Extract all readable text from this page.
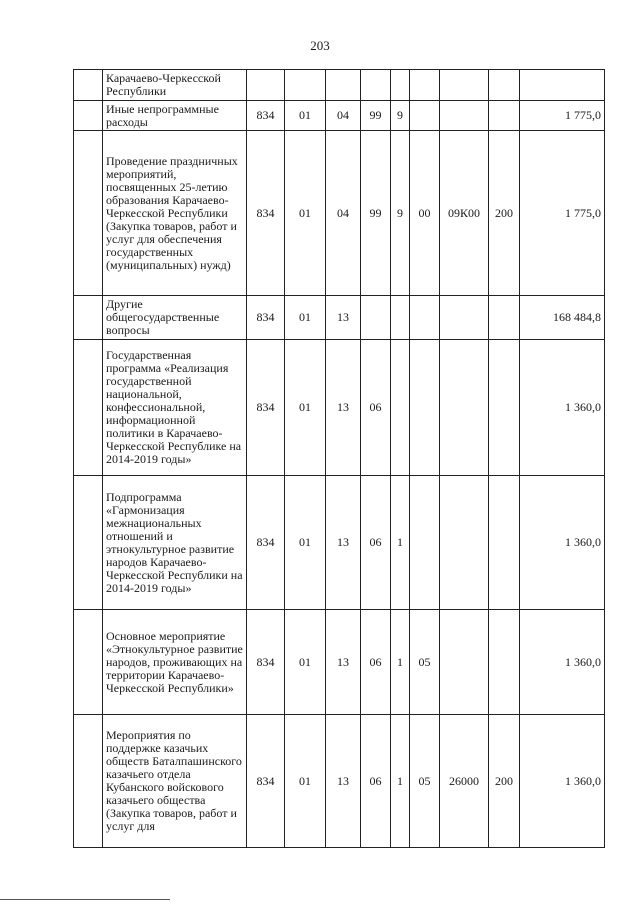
203
	Карачаево-Черкесской Республики									
	Иные непрограммные расходы	834	01	04	99	9				1 775,0
	Проведение праздничных мероприятий, посвященных 25-летию образования Карачаево-Черкесской Республики (Закупка товаров, работ и услуг для обеспечения государственных (муниципальных) нужд)	834	01	04	99	9	00	09К00	200	1 775,0
	Другие общегосударственные вопросы	834	01	13						168 484,8
	Государственная программа «Реализация государственной национальной, конфессиональной, информационной политики в Карачаево-Черкесской Республике на 2014-2019 годы»	834	01	13	06					1 360,0
	Подпрограмма «Гармонизация межнациональных отношений и этнокультурное развитие народов Карачаево-Черкесской Республики на 2014-2019 годы»	834	01	13	06	1				1 360,0
	Основное мероприятие «Этнокультурное развитие народов, проживающих на территории Карачаево-Черкесской Республики»	834	01	13	06	1	05			1 360,0
	Мероприятия по поддержке казачьих обществ Баталпашинского казачьего отдела Кубанского войскового казачьего общества (Закупка товаров, работ и услуг для	834	01	13	06	1	05	26000	200	1 360,0
